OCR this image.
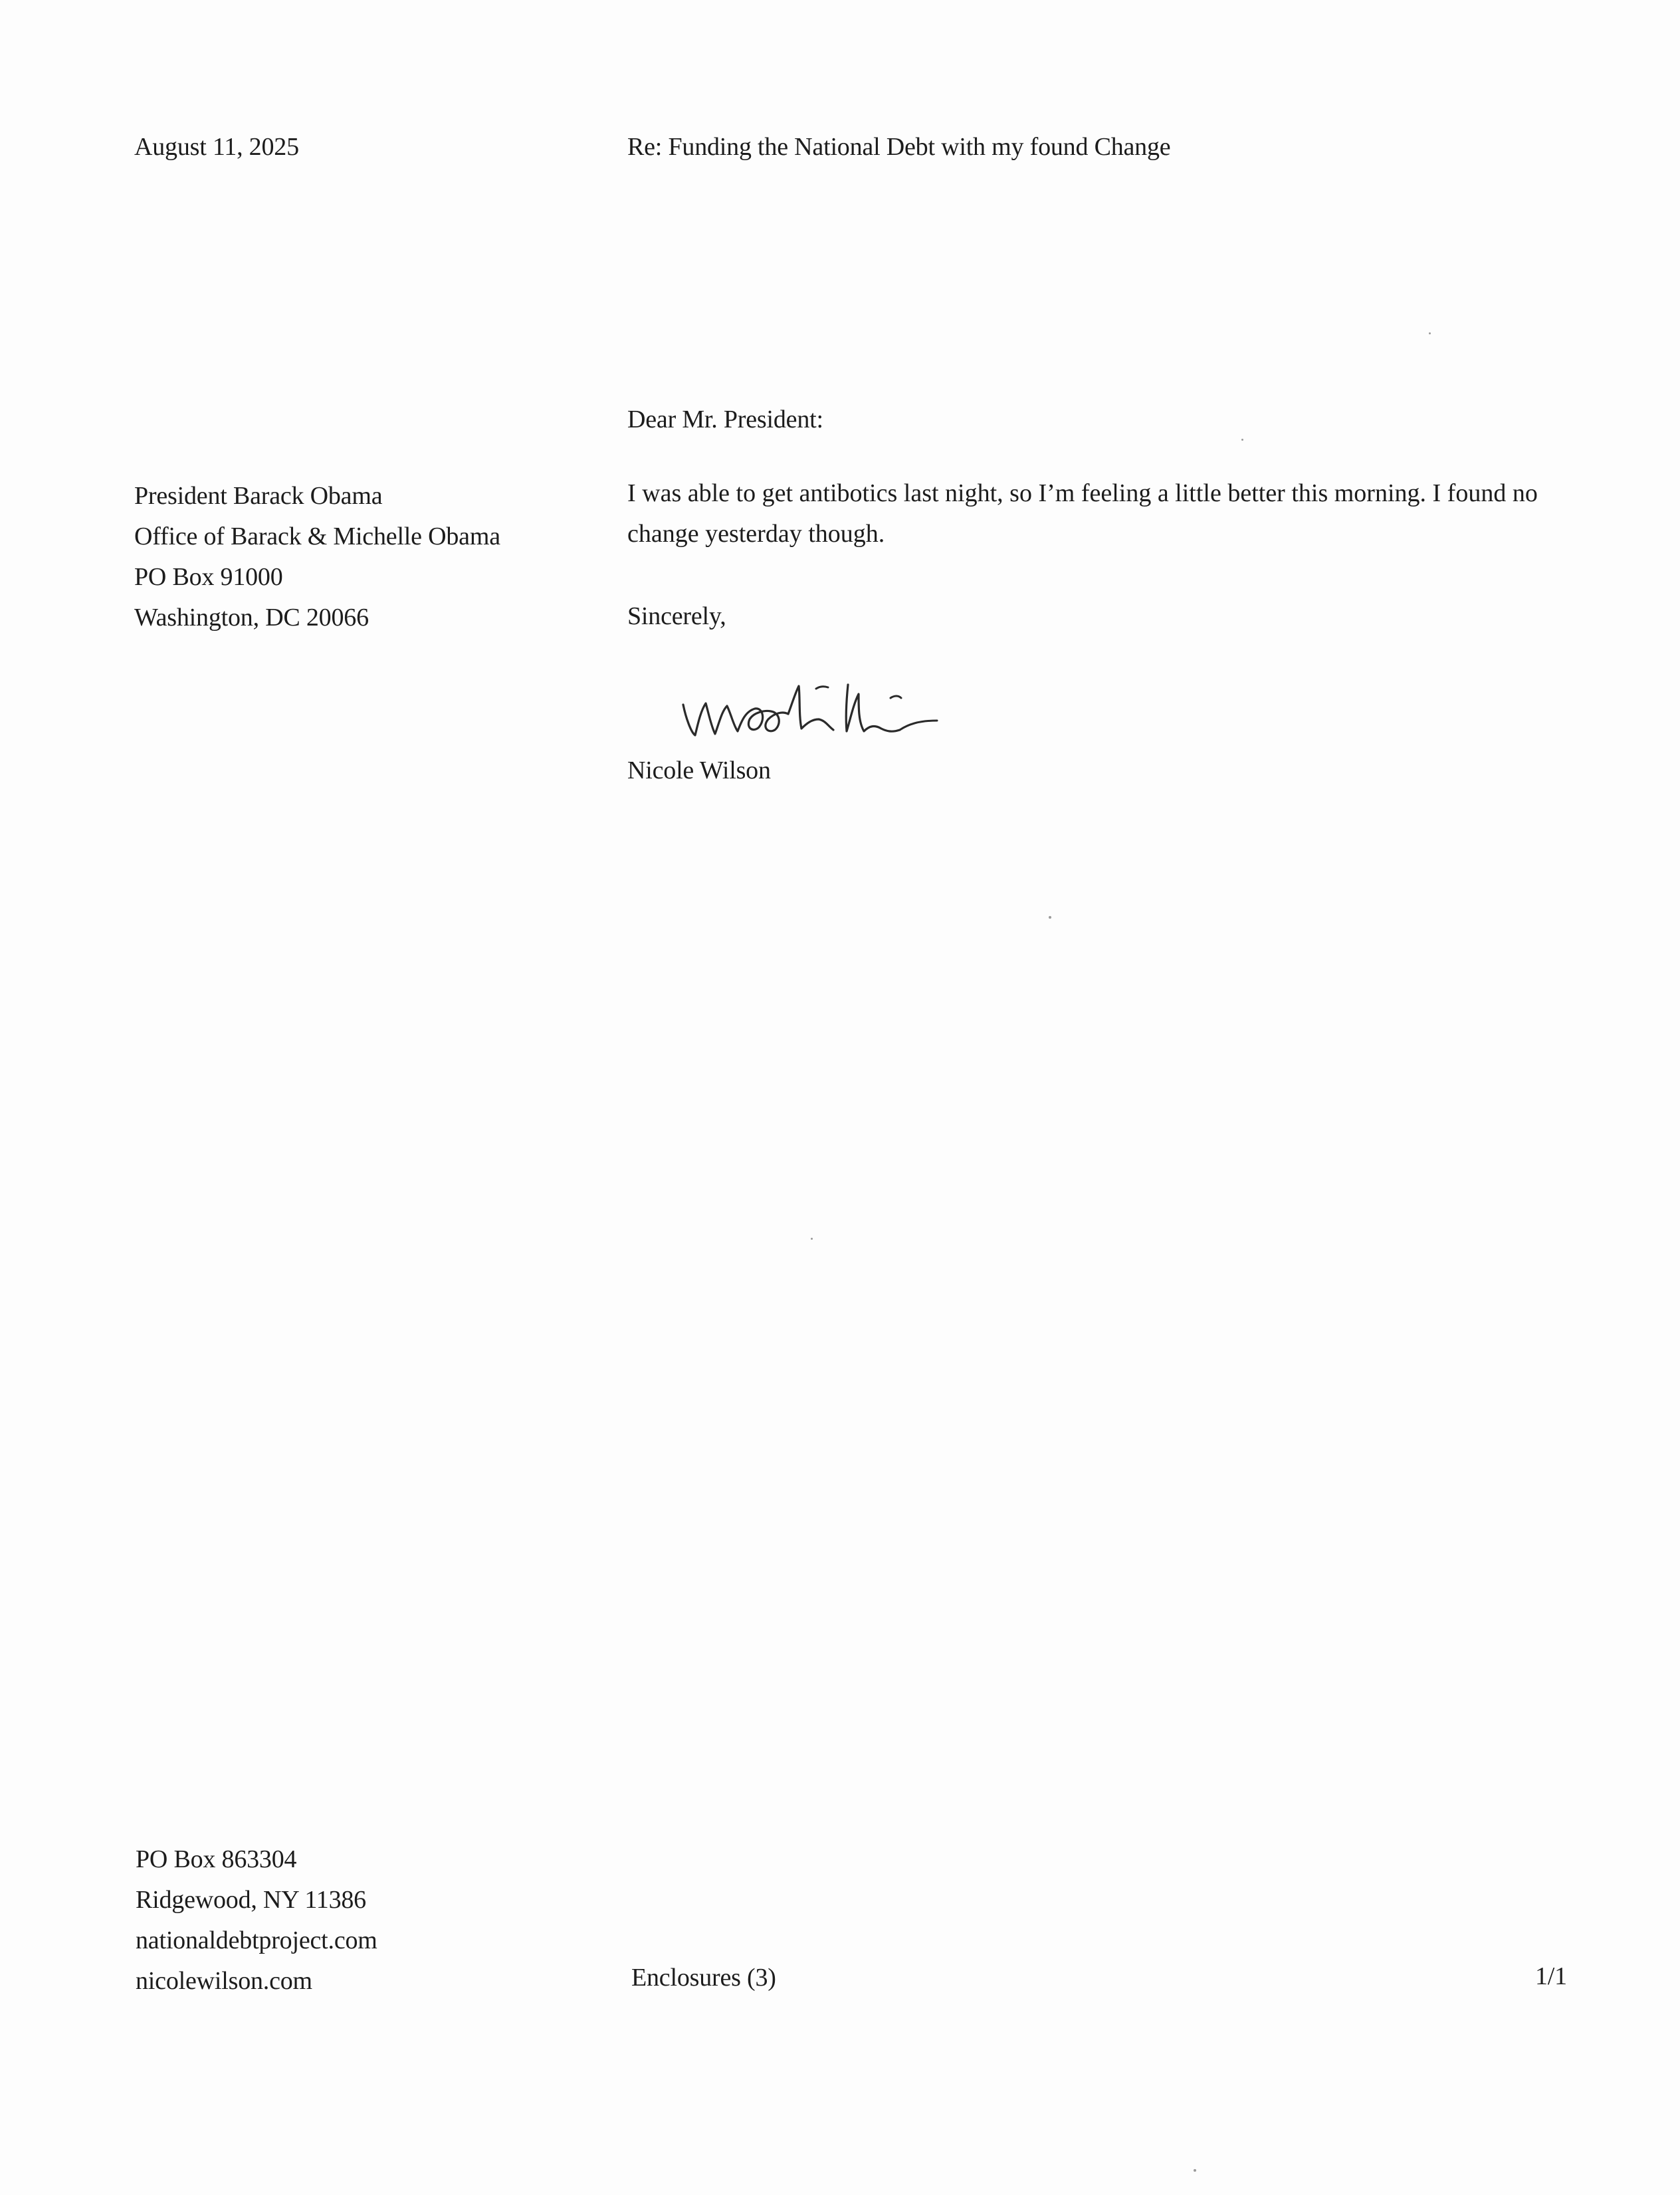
August 11, 2025	Re: Funding the National Debt with my found Change
Dear Mr. President:
President Barack Obama
Office of Barack & Michelle Obama
PO Box 91000
Washington, DC 20066
I was able to get antibotics last night, so I’m feeling a little better this morning. I found no change yesterday though.
Sincerely,
Nicole Wilson
PO Box 863304
Ridgewood, NY 11386
nationaldebtproject.com
nicolewilson.com	Enclosures (3)	1/1
